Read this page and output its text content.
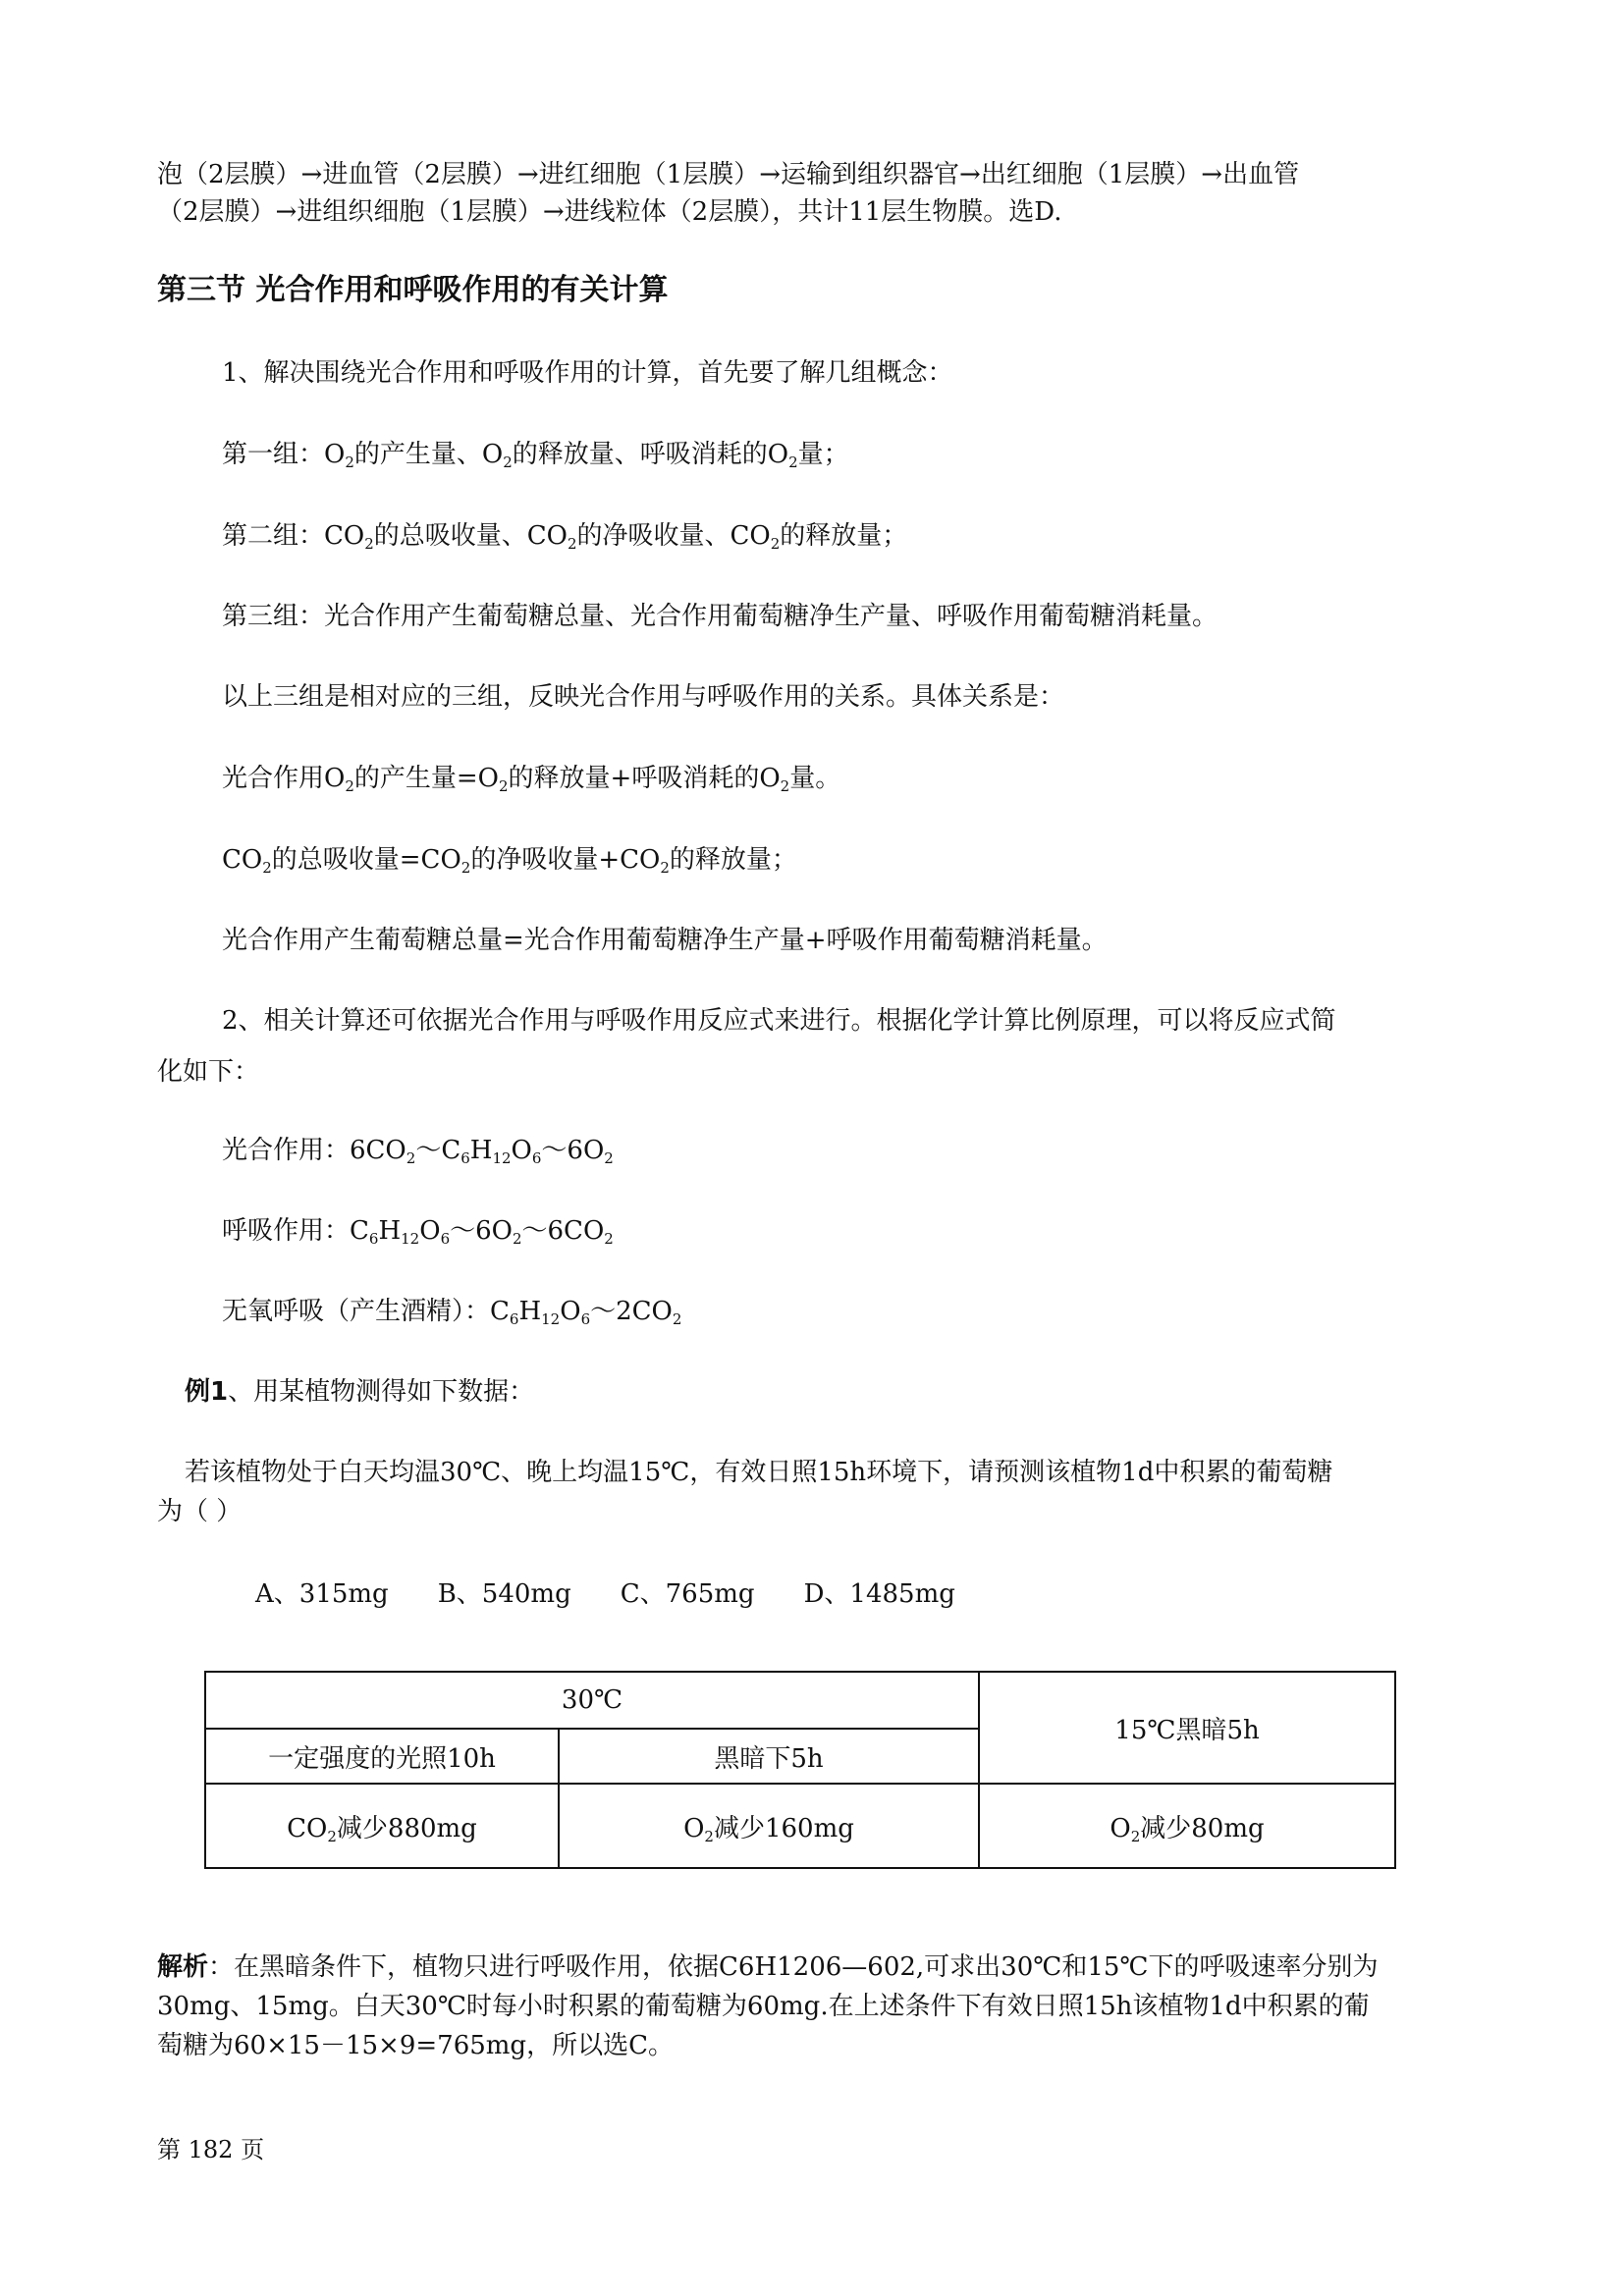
泡（2层膜）→进血管（2层膜）→进红细胞（1层膜）→运输到组织器官→出红细胞（1层膜）→出血管
（2层膜）→进组织细胞（1层膜）→进线粒体（2层膜），共计11层生物膜。选D.
第三节 光合作用和呼吸作用的有关计算
1、解决围绕光合作用和呼吸作用的计算，首先要了解几组概念：
第一组：$O_2$的产生量、$O_2$的释放量、呼吸消耗的$O_2$量；
第二组：$CO_2$的总吸收量、$CO_2$的净吸收量、$CO_2$的释放量；
第三组：光合作用产生葡萄糖总量、光合作用葡萄糖净生产量、呼吸作用葡萄糖消耗量。
以上三组是相对应的三组，反映光合作用与呼吸作用的关系。具体关系是：
光合作用$O_2$的产生量$=O_2$的释放量+呼吸消耗的$O_2$量。
$CO_2$的总吸收量$=CO_2$的净吸收量$+CO_2$的释放量；
光合作用产生葡萄糖总量=光合作用葡萄糖净生产量+呼吸作用葡萄糖消耗量。
2、相关计算还可依据光合作用与呼吸作用反应式来进行。根据化学计算比例原理，可以将反应式简
化如下：
光合作用：$6CO_2\sim C_6H_{12}O_6\sim 6O_2$
呼吸作用：$C_6H_{12}O_6\sim 6O_2\sim 6CO_2$
无氧呼吸（产生酒精）：$C_6H_{12}O_6\sim 2CO_2$
例1、用某植物测得如下数据：
若该植物处于白天均温30℃、晚上均温15℃，有效日照15h环境下，请预测该植物1d中积累的葡萄糖
为（ ）
A、315mg B、540mg C、765mg D、1485mg
30℃		15℃黑暗5h
一定强度的光照10h	黑暗下5h	
$CO_2$减少880mg	$O_2$减少160mg	$O_2$减少80mg
解析：在黑暗条件下，植物只进行呼吸作用，依据C6H1206—602,可求出30℃和15℃下的呼吸速率分别为
30mg、15mg。白天30℃时每小时积累的葡萄糖为60mg.在上述条件下有效日照15h该植物1d中积累的葡
萄糖为60×15－15×9=765mg，所以选C。
第 182 页
